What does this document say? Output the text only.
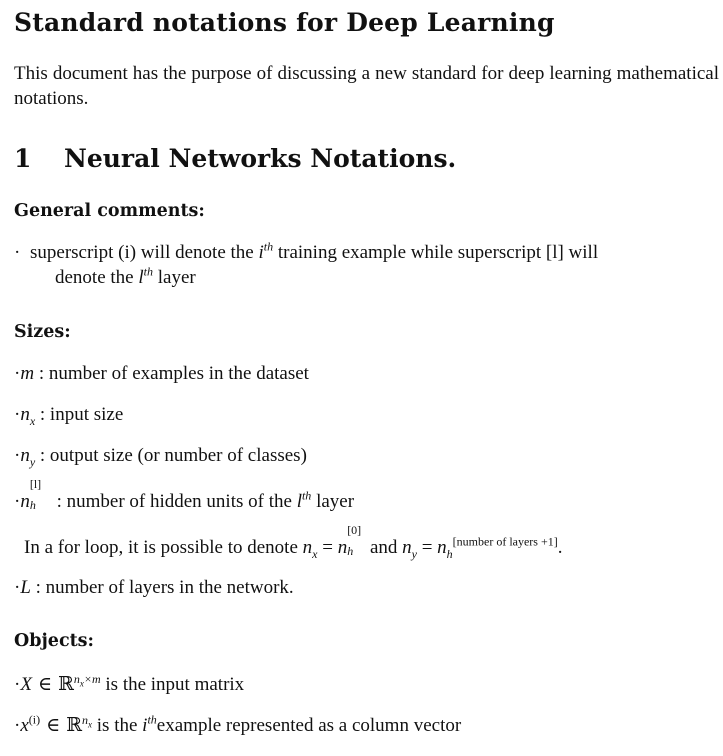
Standard notations for Deep Learning

This document has the purpose of discussing a new standard for deep learning mathematical notations.

1 Neural Networks Notations.
General comments:
· superscript (i) will denote the $i^{th}$ training example while superscript [l] will
denote the $l^{th}$ layer
Sizes:
·m : number of examples in the dataset
$\cdot n_x$ : input size
$\cdot n_y$ : output size (or number of classes)
·n
[l]
h : number of hidden units of the $l^{th}$ layer
In a for loop, it is possible to denote $n_x = n$
[0]
h and $n_y = n_h[number of layers +1]$.
·L : number of layers in the network.
Objects:
·X ∈ ℝ$^{n_x\times m}$ is the input matrix
$\cdot x^{(i)}$ ∈ ℝ$^{n_x}$ is the $i^{th}example$ represented as a column vector
